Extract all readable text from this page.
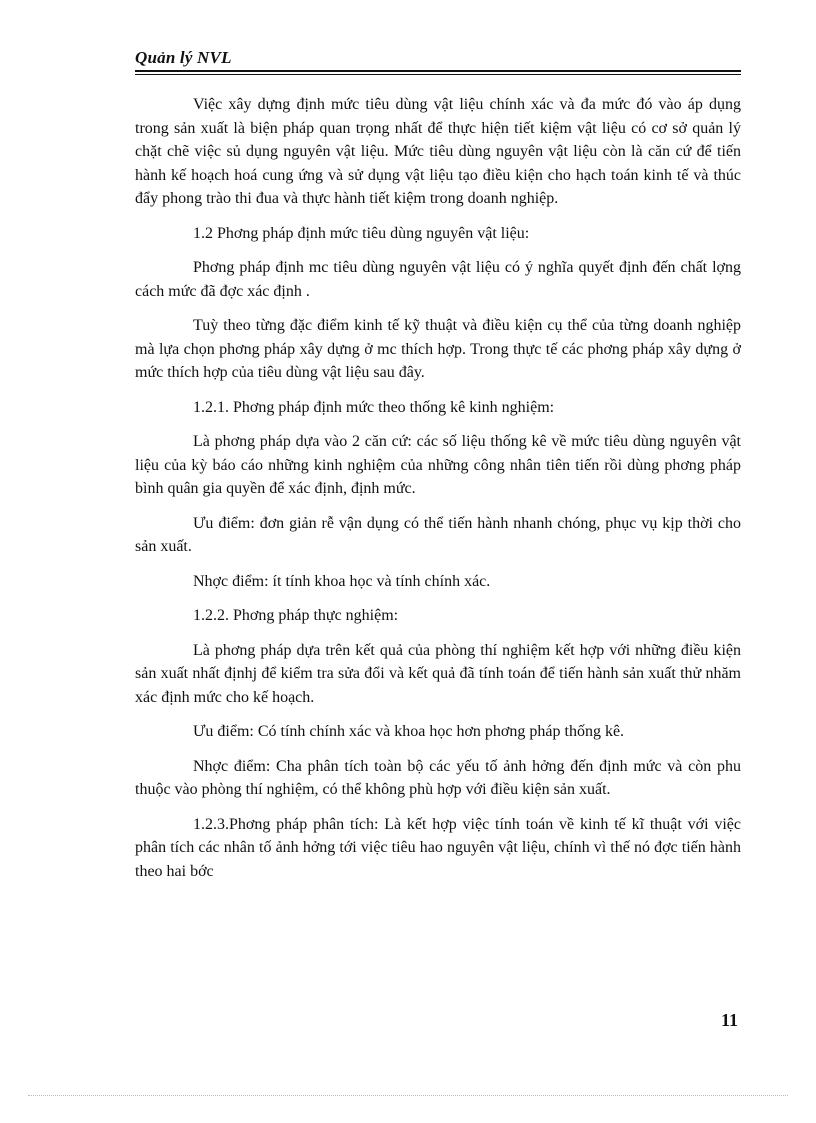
Quản lý NVL

Việc xây dựng định mức tiêu dùng vật liệu chính xác và đa mức đó vào áp dụng trong sản xuất là biện pháp quan trọng nhất để thực hiện tiết kiệm vật liệu có cơ sở quản lý chặt chẽ việc sủ dụng nguyên vật liệu. Mức tiêu dùng nguyên vật liệu còn là căn cứ để tiến hành kế hoạch hoá cung ứng và sử dụng vật liệu tạo điều kiện cho hạch toán kinh tế và thúc đẩy phong trào thi đua và thực hành tiết kiệm trong doanh nghiệp.

1.2 Phơng pháp định mức tiêu dùng nguyên vật liệu:

Phơng pháp định mc tiêu dùng nguyên vật liệu có ý nghĩa quyết định đến chất lợng cách mức đã đợc xác định .

Tuỳ theo từng đặc điểm kinh tế kỹ thuật và điều kiện cụ thể của từng doanh nghiệp mà lựa chọn phơng pháp xây dựng ở mc thích hợp. Trong thực tế các phơng pháp xây dựng ở mức thích hợp của tiêu dùng vật liệu sau đây.

1.2.1. Phơng pháp định mức theo thống kê kinh nghiệm:

Là phơng pháp dựa vào 2 căn cứ: các số liệu thống kê về mức tiêu dùng nguyên vật liệu của kỳ báo cáo những kinh nghiệm của những công nhân tiên tiến rồi dùng phơng pháp bình quân gia quyền để xác định, định mức.

Ưu điểm: đơn giản rễ vận dụng có thể tiến hành nhanh chóng, phục vụ kịp thời cho sản xuất.

Nhợc điểm: ít tính khoa học và tính chính xác.

1.2.2. Phơng pháp thực nghiệm:

Là phơng pháp dựa trên kết quả của phòng thí nghiệm kết hợp với những điều kiện sản xuất nhất địnhj để kiểm tra sửa đổi và kết quả đã tính toán để tiến hành sản xuất thử nhăm xác định mức cho kế hoạch.

Ưu điểm: Có tính chính xác và khoa học hơn phơng pháp thống kê.

Nhợc điểm: Cha phân tích toàn bộ các yếu tố ảnh hởng đến định mức và còn phu thuộc vào phòng thí nghiệm, có thể không phù hợp với điều kiện sản xuất.

1.2.3.Phơng pháp phân tích: Là kết hợp việc tính toán về kinh tế kĩ thuật với việc phân tích các nhân tố ảnh hởng tới việc tiêu hao nguyên vật liệu, chính vì thế nó đợc tiến hành theo hai bớc

11
